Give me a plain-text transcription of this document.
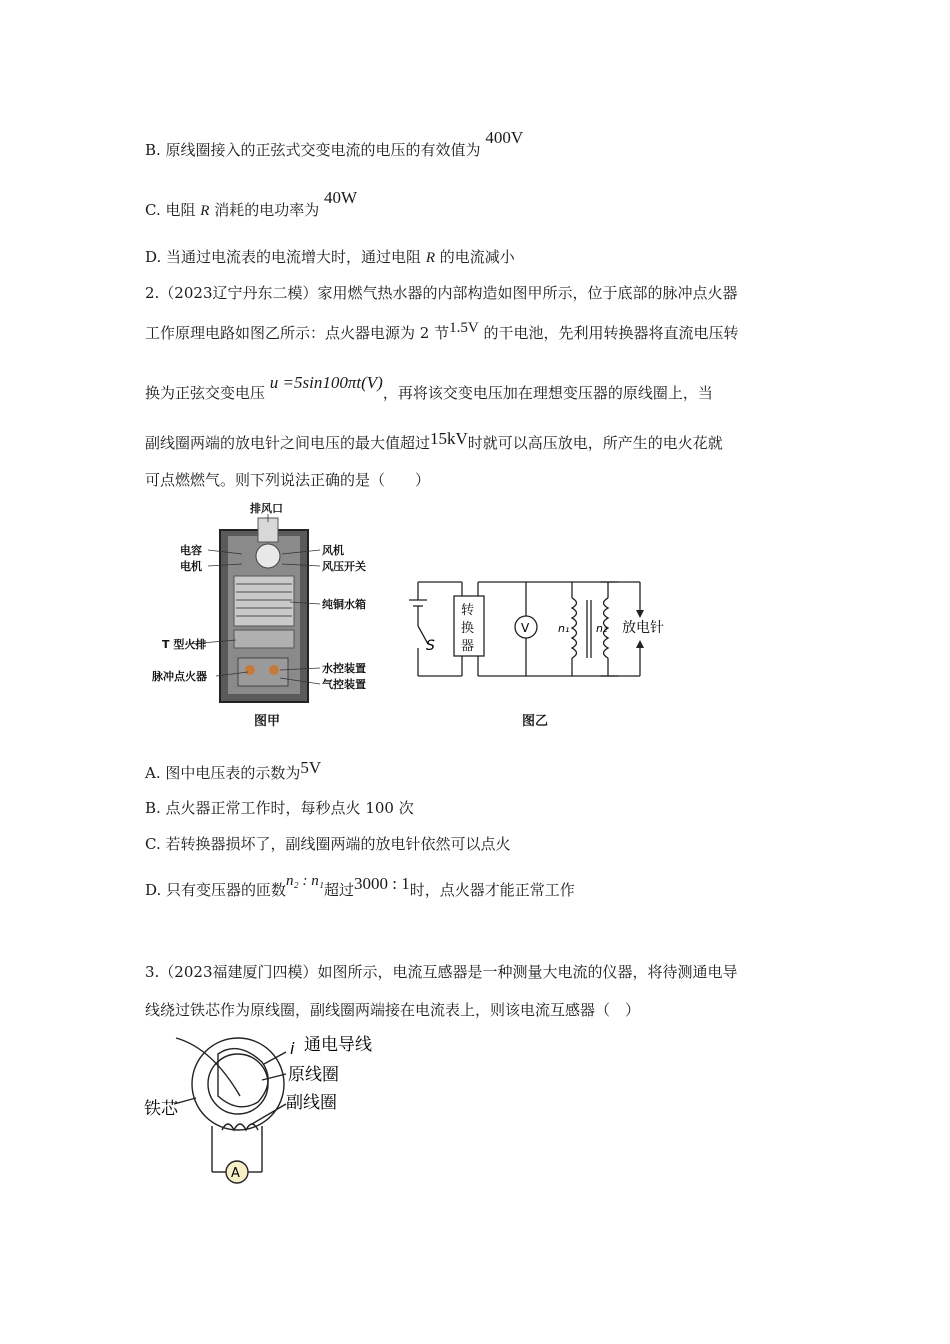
B. 原线圈接入的正弦式交变电流的电压的有效值为 400V
C. 电阻 R 消耗的电功率为 40W
D. 当通过电流表的电流增大时，通过电阻 R 的电流减小
2.（2023辽宁丹东二模）家用燃气热水器的内部构造如图甲所示，位于底部的脉冲点火器
工作原理电路如图乙所示：点火器电源为 2 节1.5V 的干电池，先利用转换器将直流电压转
换为正弦交变电压 u =5sin100πt(V)，再将该交变电压加在理想变压器的原线圈上，当
副线圈两端的放电针之间电压的最大值超过15kV时就可以高压放电，所产生的电火花就
可点燃燃气。则下列说法正确的是（　　）
排风口
电容
电机
风机
风压开关
纯铜水箱
T 型火排
脉冲点火器
水控装置
气控装置
图甲
S
转
换
器
V	n₁ n₂ 放电针
图乙
A. 图中电压表的示数为5V
B. 点火器正常工作时，每秒点火 100 次
C. 若转换器损坏了，副线圈两端的放电针依然可以点火
D. 只有变压器的匝数n₂ : n₁超过3000 : 1时，点火器才能正常工作
3.（2023福建厦门四模）如图所示，电流互感器是一种测量大电流的仪器，将待测通电导
线绕过铁芯作为原线圈，副线圈两端接在电流表上，则该电流互感器（　）
i 通电导线
原线圈
副线圈
铁芯
A
